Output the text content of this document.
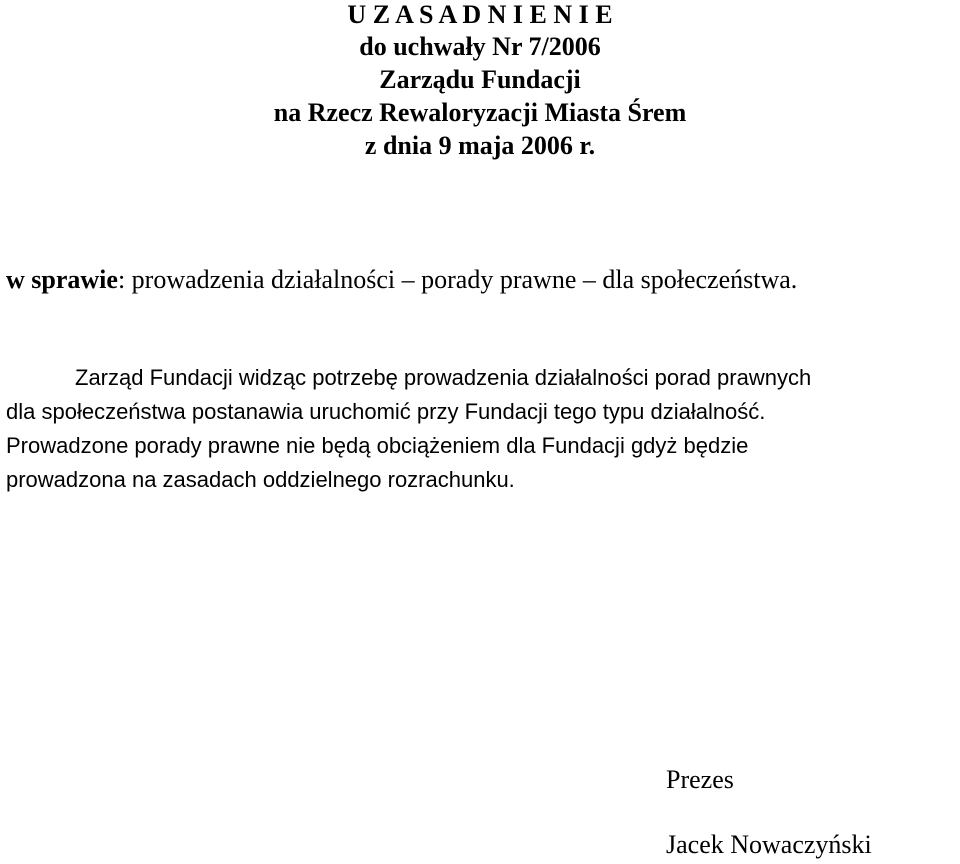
U Z A S A D N I E N I E
do uchwały Nr 7/2006
Zarządu Fundacji
na Rzecz Rewaloryzacji Miasta Śrem
z dnia 9 maja 2006 r.
w sprawie: prowadzenia działalności – porady prawne – dla społeczeństwa.
Zarząd Fundacji widząc potrzebę prowadzenia działalności porad prawnych
dla społeczeństwa postanawia uruchomić przy Fundacji tego typu działalność.
Prowadzone porady prawne nie będą obciążeniem dla Fundacji gdyż będzie
prowadzona na zasadach oddzielnego rozrachunku.
Prezes
Jacek Nowaczyński
